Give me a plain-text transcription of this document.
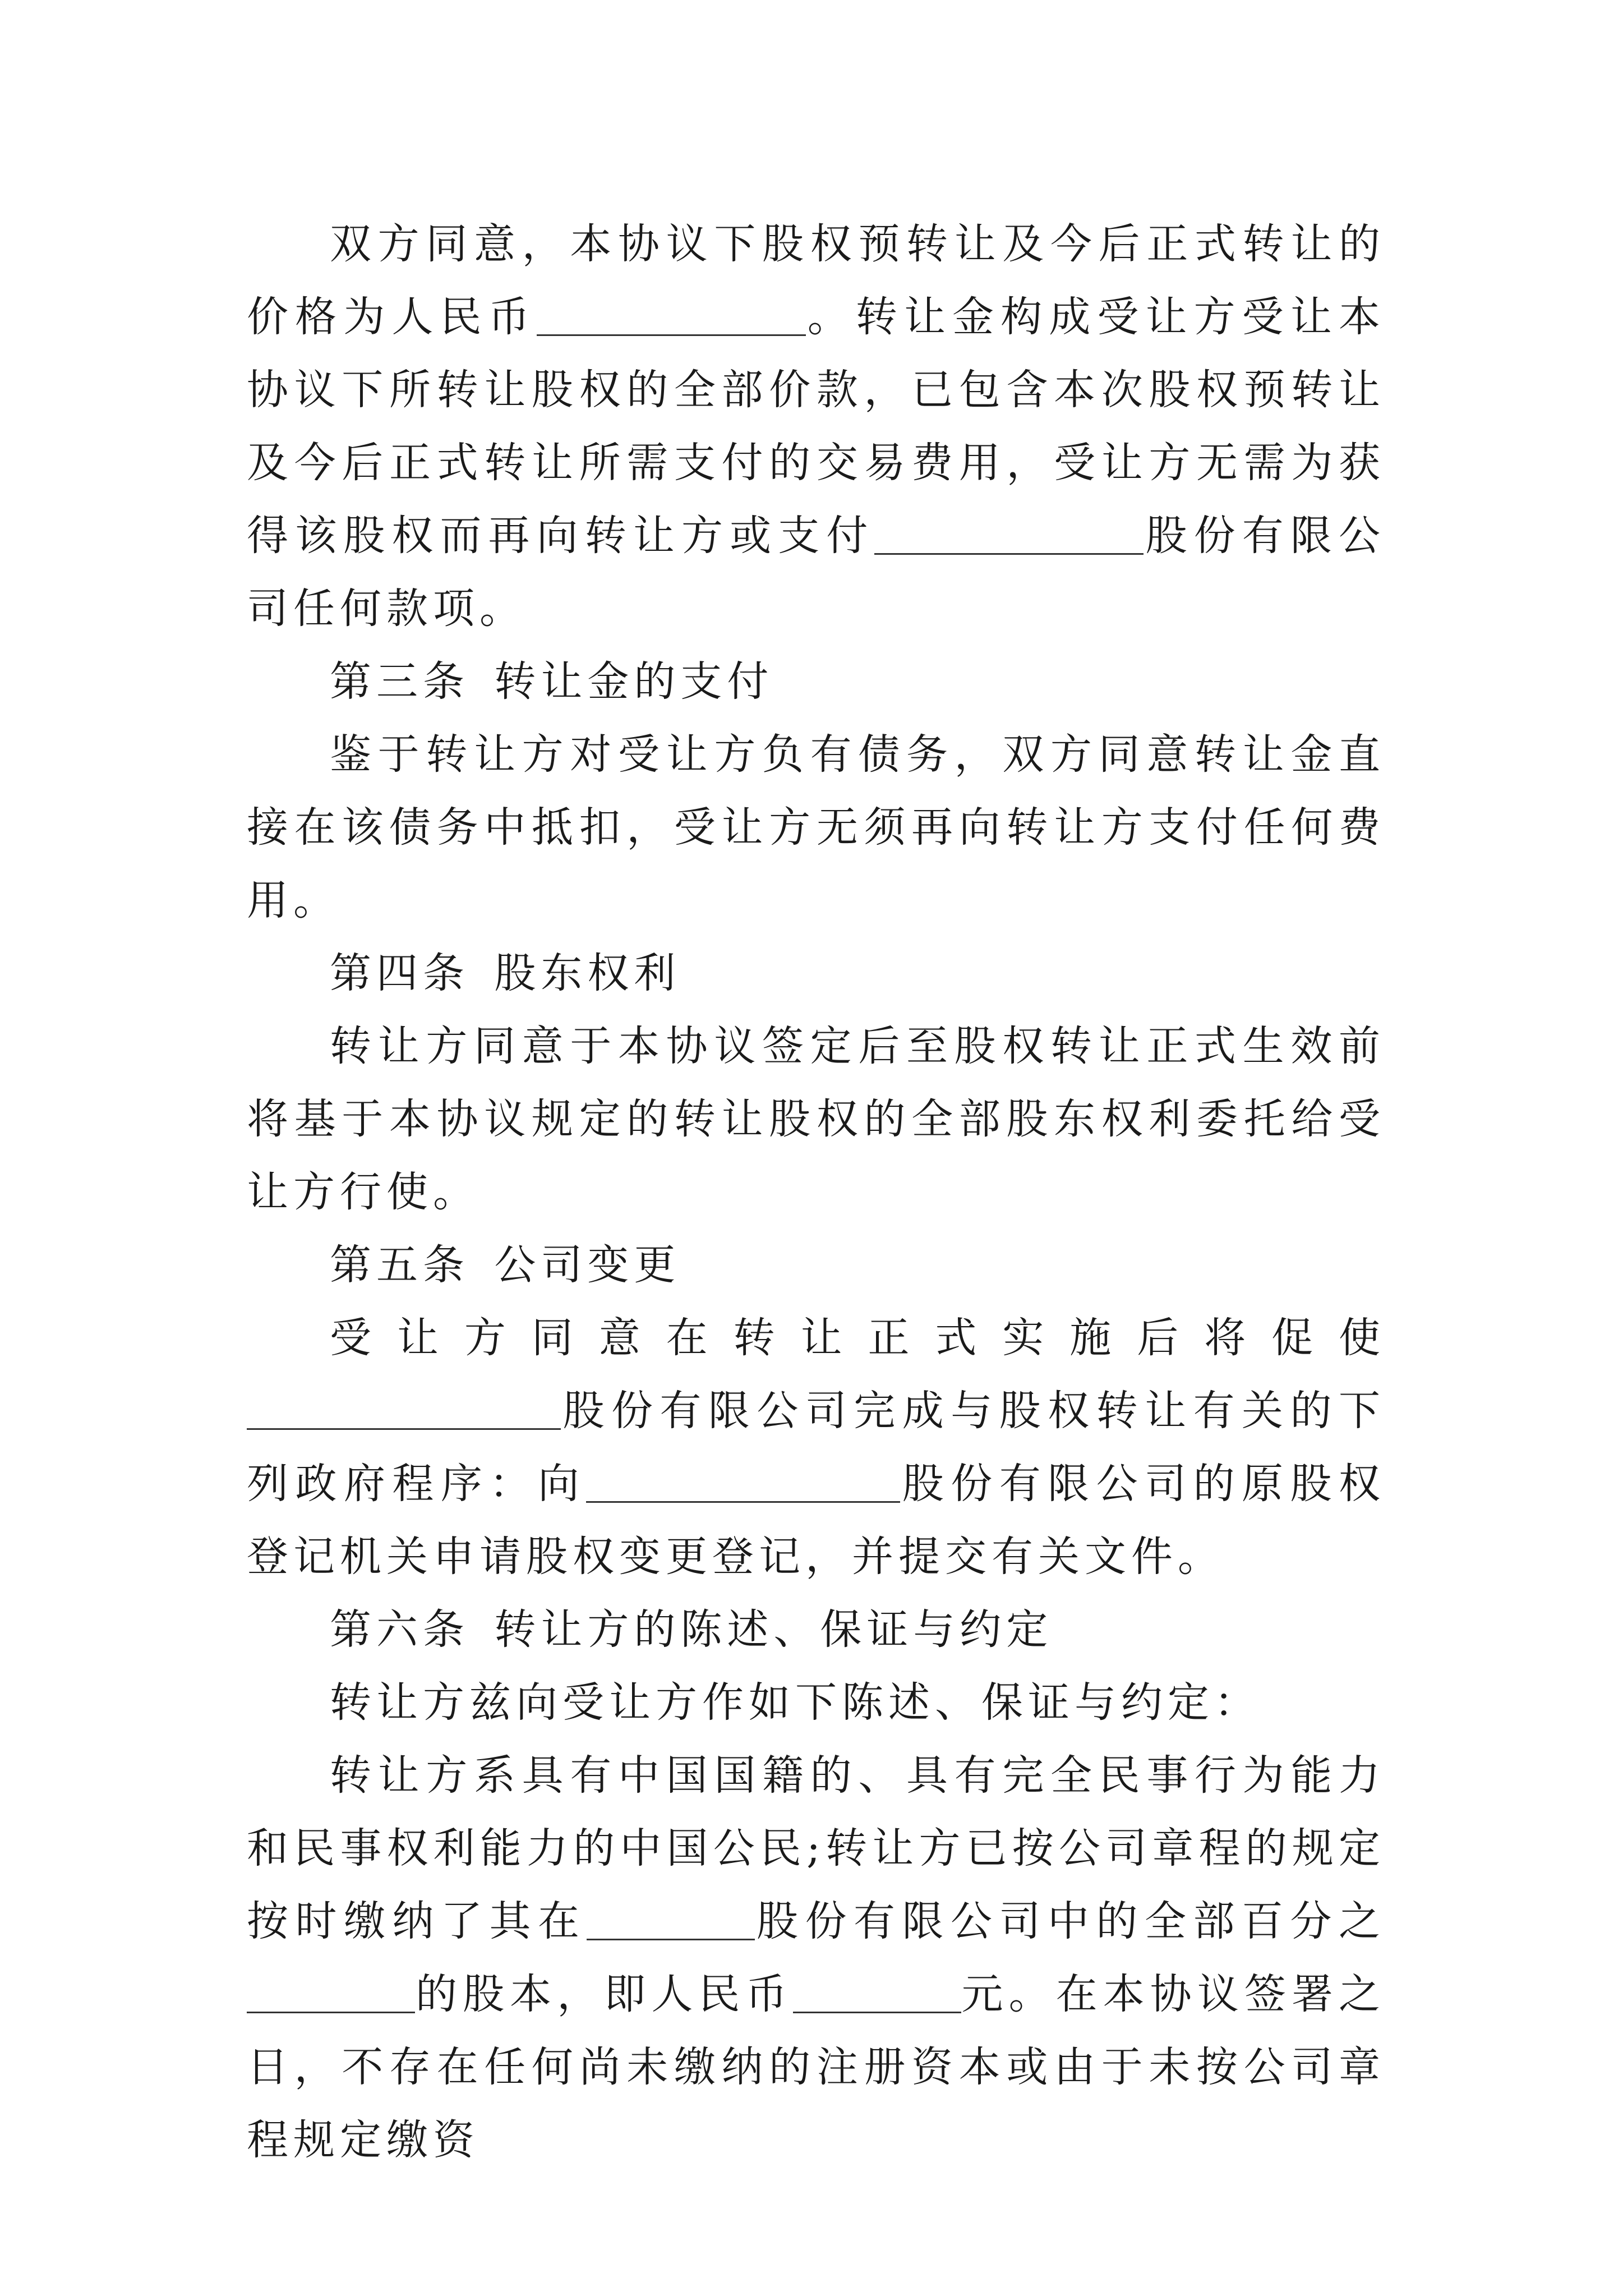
双方同意，本协议下股权预转让及今后正式转让的价格为人民币	。转让金构成受让方受让本协议下所转让股权的全部价款，已包含本次股权预转让及今后正式转让所需支付的交易费用，受让方无需为获得该股权而再向转让方或支付	股份有限公司任何款项。

第三条 转让金的支付

鉴于转让方对受让方负有债务，双方同意转让金直接在该债务中抵扣，受让方无须再向转让方支付任何费用。

第四条 股东权利

转让方同意于本协议签定后至股权转让正式生效前将基于本协议规定的转让股权的全部股东权利委托给受让方行使。

第五条 公司变更

受让方同意在转让正式实施后将促使股份有限公司完成与股权转让有关的下列政府程序：向	股份有限公司的原股权登记机关申请股权变更登记，并提交有关文件。

第六条 转让方的陈述、保证与约定

转让方兹向受让方作如下陈述、保证与约定：

转让方系具有中国国籍的、具有完全民事行为能力和民事权利能力的中国公民;转让方已按公司章程的规定按时缴纳了其在	股份有限公司中的全部百分之的股本，即人民币	元。在本协议签署之日，不存在任何尚未缴纳的注册资本或由于未按公司章程规定缴资
